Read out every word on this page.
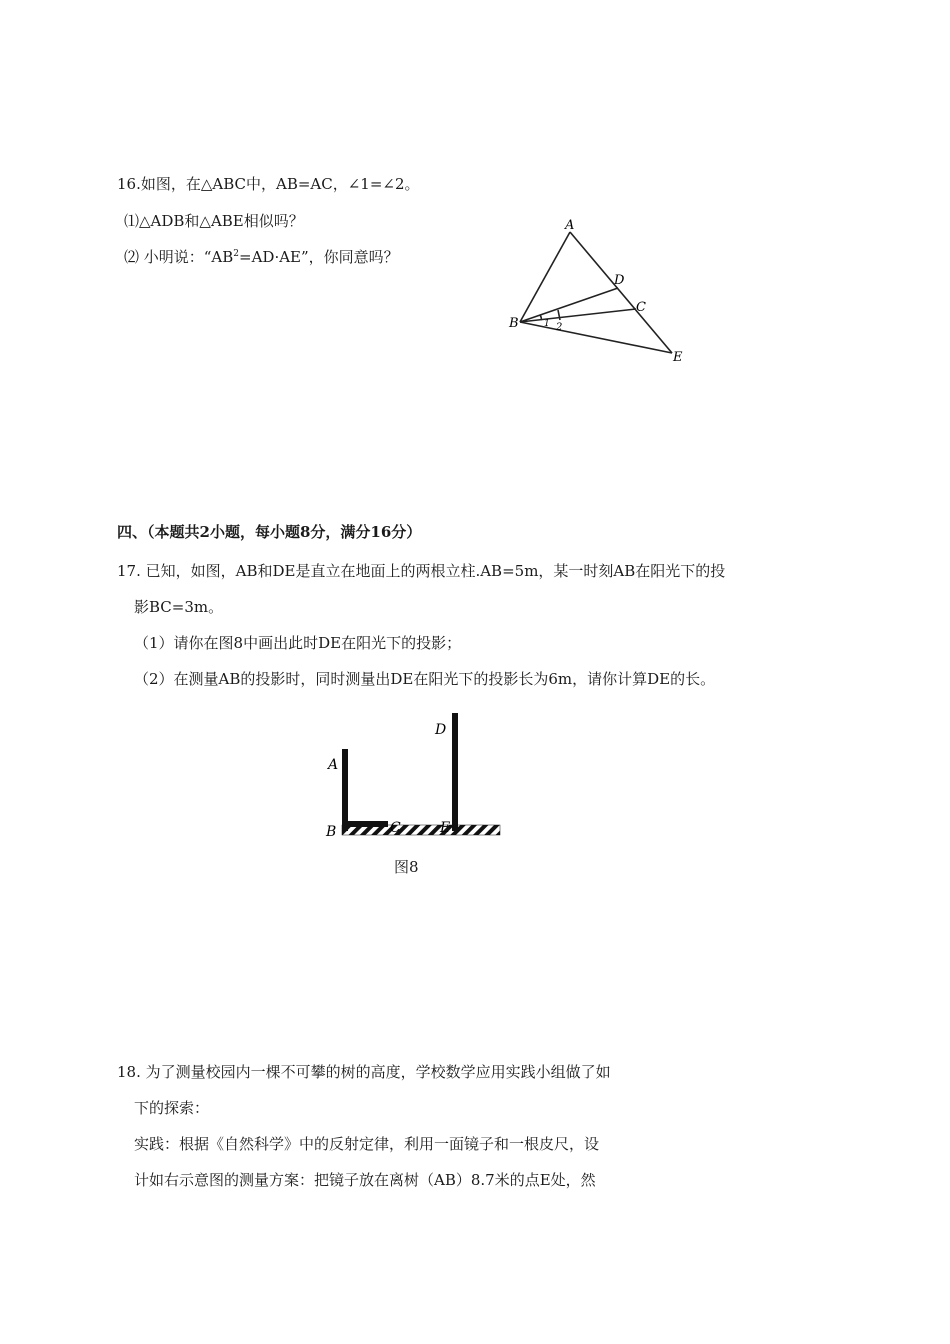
16.如图，在△ABC中，AB=AC，∠1=∠2。
⑴△ADB和△ABE相似吗？
⑵ 小明说：“$AB^2=AD\cdot AE$”，你同意吗？
A
B
C
D
E
1 2
四、（本题共2小题，每小题8分，满分16分）
17. 已知，如图，AB和DE是直立在地面上的两根立柱.AB=5m，某一时刻AB在阳光下的投
影BC=3m。
（1）请你在图8中画出此时DE在阳光下的投影；
（2）在测量AB的投影时，同时测量出DE在阳光下的投影长为6m，请你计算DE的长。
A
B	C
D
E
图8
18. 为了测量校园内一棵不可攀的树的高度，学校数学应用实践小组做了如
下的探索：
实践：根据《自然科学》中的反射定律，利用一面镜子和一根皮尺，设
计如右示意图的测量方案：把镜子放在离树（AB）8.7米的点E处，然
